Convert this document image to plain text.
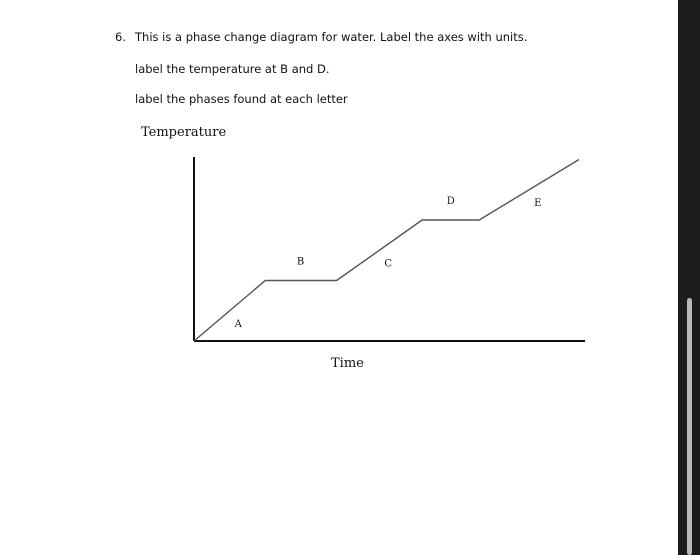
6. This is a phase change diagram for water. Label the axes with units.
label the temperature at B and D.
label the phases found at each letter
Temperature
Time
A
B	C
D	E
